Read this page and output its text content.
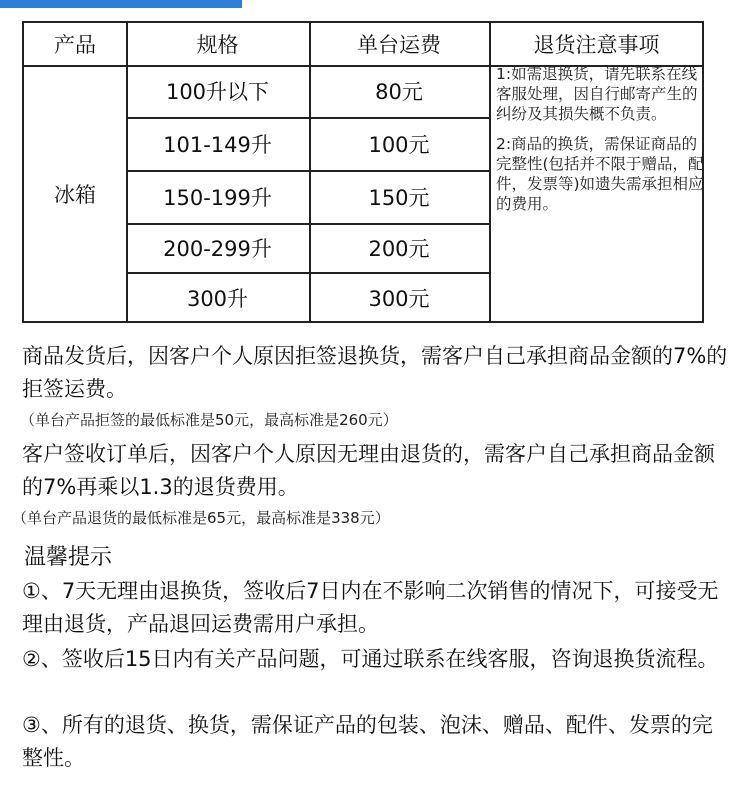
产品	规格	单台运费	退货注意事项
冰箱
100升以下	80元
101-149升	100元
150-199升	150元
200-299升	200元
300升	300元

1:如需退换货，请先联系在线客服处理，因自行邮寄产生的纠纷及其损失概不负责。

2:商品的换货，需保证商品的完整性(包括并不限于赠品，配件，发票等)如遗失需承担相应的费用。

商品发货后，因客户个人原因拒签退换货，需客户自己承担商品金额的7%的拒签运费。
（单台产品拒签的最低标准是50元，最高标准是260元）
客户签收订单后，因客户个人原因无理由退货的，需客户自己承担商品金额的7%再乘以1.3的退货费用。
（单台产品退货的最低标准是65元，最高标准是338元）
温馨提示
①、7天无理由退换货，签收后7日内在不影响二次销售的情况下，可接受无理由退货，产品退回运费需用户承担。
②、签收后15日内有关产品问题，可通过联系在线客服，咨询退换货流程。
③、所有的退货、换货，需保证产品的包装、泡沫、赠品、配件、发票的完整性。
